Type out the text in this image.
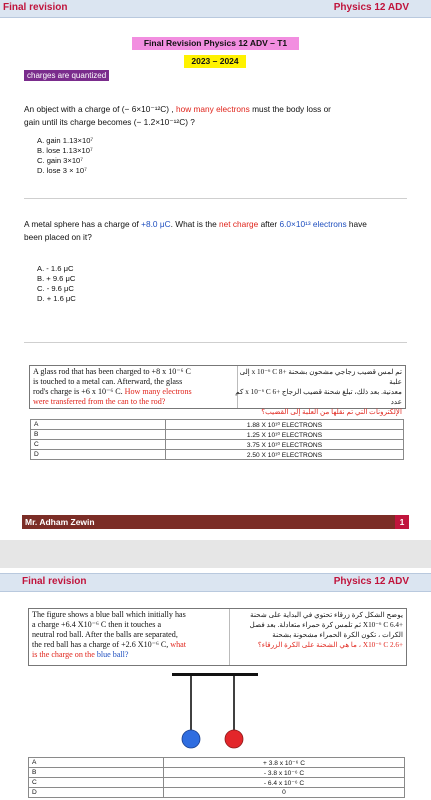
Final revision	Physics 12 ADV
Final Revision Physics 12 ADV – T1
2023 – 2024
charges are quantized
An object with a charge of (− 6×10⁻¹²C) , how many electrons must the body loss or
gain until its charge becomes (− 1.2×10⁻¹²C) ?
A. gain 1.13×10⁷
B. lose 1.13×10⁷
C. gain 3×10⁷
D. lose 3 × 10⁷
A metal sphere has a charge of +8.0 μC. What is the net charge after 6.0×10¹³ electrons have
been placed on it?
A. - 1.6 μC
B. + 9.6 μC
C. - 9.6 μC
D. + 1.6 μC
A glass rod that has been charged to +8 x 10⁻⁶ C
is touched to a metal can. Afterward, the glass
rod's charge is +6 x 10⁻⁶ C. How many electrons
were transferred from the can to the rod?
تم لمس قضيب زجاجي مشحون بشحنة +8 x 10⁻⁶ C إلى علبة
معدنية. بعد ذلك، تبلغ شحنة قضيب الزجاج +6 x 10⁻⁶ C كم عدد
الإلكترونات التي تم نقلها من العلبة إلى القضيب؟
A	1.88 X 10¹⁰ ELECTRONS
B	1.25 X 10¹⁰ ELECTRONS
C	3.75 X 10¹⁰ ELECTRONS
D	2.50 X 10¹⁰ ELECTRONS
Mr. Adham Zewin	1
Final revision	Physics 12 ADV
The figure shows a blue ball which initially has
a charge +6.4 X10⁻⁶ C then it touches a
neutral rod ball. After the balls are separated,
the red ball has a charge of +2.6 X10⁻⁶ C, what
is the charge on the blue ball?
يوضح الشكل كرة زرقاء تحتوي في البداية على شحنة
+6.4 X10⁻⁶ C ثم تلمس كرة حمراء متعادلة. بعد فصل
الكرات ، تكون الكرة الحمراء مشحونة بشحنة
+2.6 X10⁻⁶ C ، ما هي الشحنة على الكرة الزرقاء؟
A	+ 3.8 x 10⁻⁶ C
B	- 3.8 x 10⁻⁶ C
C	- 6.4 x 10⁻⁶ C
D	0
